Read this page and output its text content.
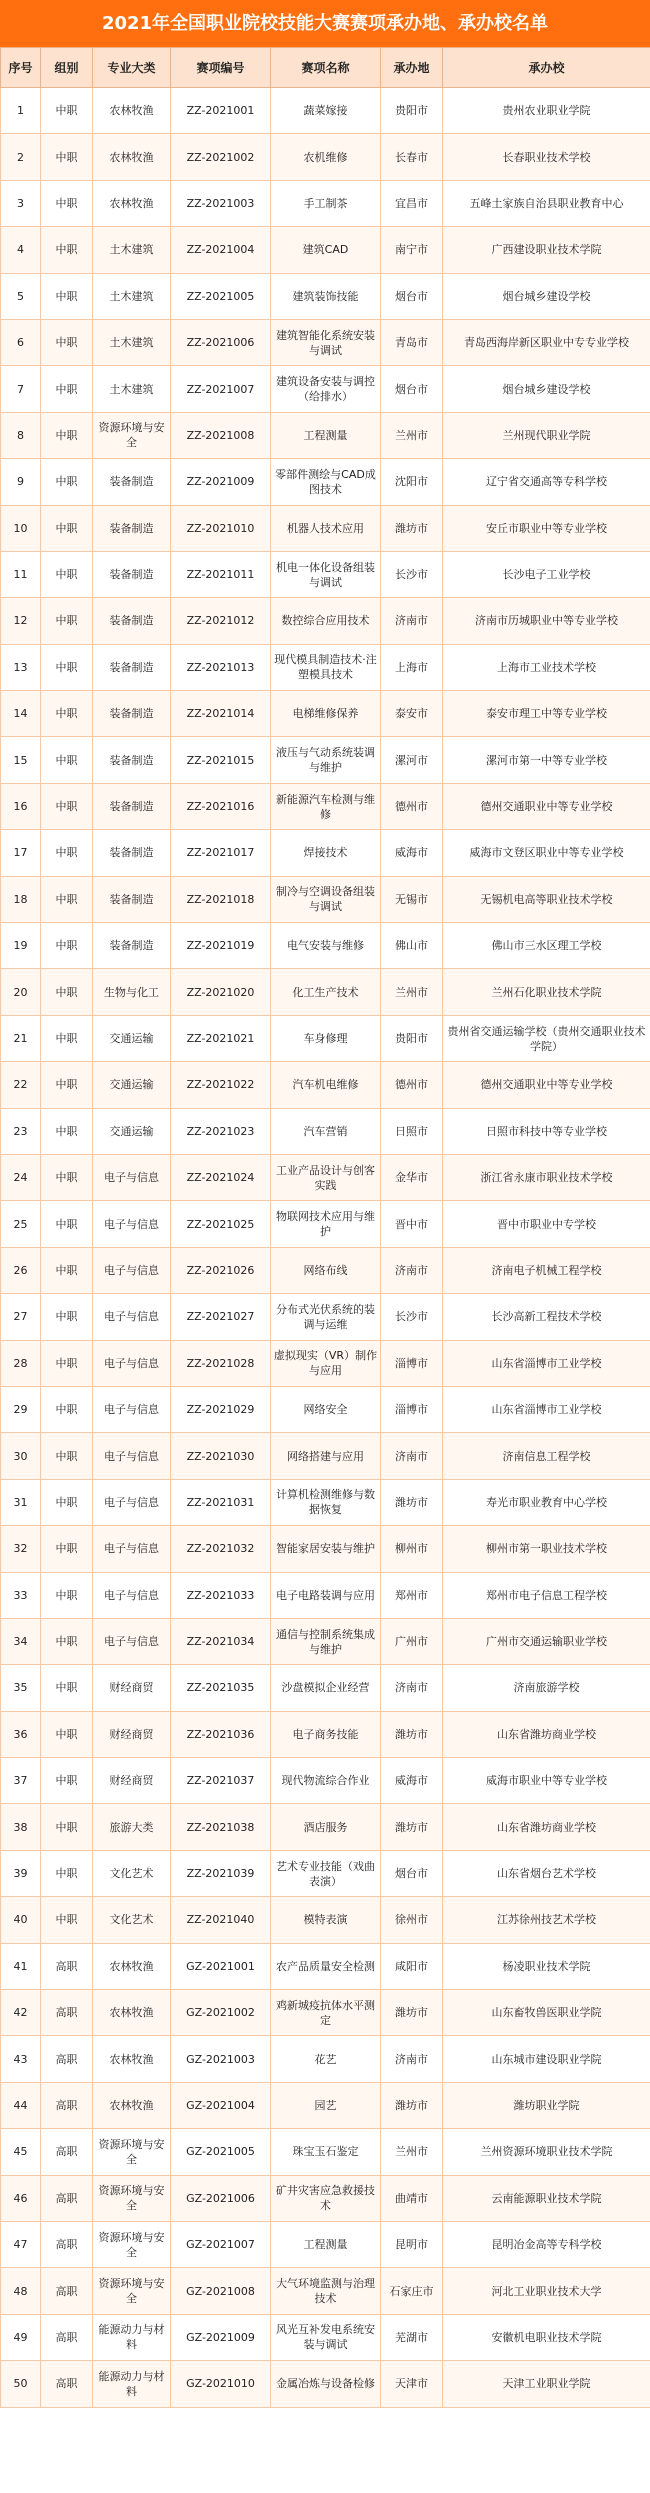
2021年全国职业院校技能大赛赛项承办地、承办校名单
序号	组别	专业大类	赛项编号	赛项名称	承办地	承办校
1	中职	农林牧渔	ZZ-2021001	蔬菜嫁接	贵阳市	贵州农业职业学院
2	中职	农林牧渔	ZZ-2021002	农机维修	长春市	长春职业技术学校
3	中职	农林牧渔	ZZ-2021003	手工制茶	宜昌市	五峰土家族自治县职业教育中心
4	中职	土木建筑	ZZ-2021004	建筑CAD	南宁市	广西建设职业技术学院
5	中职	土木建筑	ZZ-2021005	建筑装饰技能	烟台市	烟台城乡建设学校
6	中职	土木建筑	ZZ-2021006	建筑智能化系统安装与调试	青岛市	青岛西海岸新区职业中专专业学校
7	中职	土木建筑	ZZ-2021007	建筑设备安装与调控（给排水）	烟台市	烟台城乡建设学校
8	中职	资源环境与安全	ZZ-2021008	工程测量	兰州市	兰州现代职业学院
9	中职	装备制造	ZZ-2021009	零部件测绘与CAD成图技术	沈阳市	辽宁省交通高等专科学校
10	中职	装备制造	ZZ-2021010	机器人技术应用	潍坊市	安丘市职业中等专业学校
11	中职	装备制造	ZZ-2021011	机电一体化设备组装与调试	长沙市	长沙电子工业学校
12	中职	装备制造	ZZ-2021012	数控综合应用技术	济南市	济南市历城职业中等专业学校
13	中职	装备制造	ZZ-2021013	现代模具制造技术·注塑模具技术	上海市	上海市工业技术学校
14	中职	装备制造	ZZ-2021014	电梯维修保养	泰安市	泰安市理工中等专业学校
15	中职	装备制造	ZZ-2021015	液压与气动系统装调与维护	漯河市	漯河市第一中等专业学校
16	中职	装备制造	ZZ-2021016	新能源汽车检测与维修	德州市	德州交通职业中等专业学校
17	中职	装备制造	ZZ-2021017	焊接技术	威海市	威海市文登区职业中等专业学校
18	中职	装备制造	ZZ-2021018	制冷与空调设备组装与调试	无锡市	无锡机电高等职业技术学校
19	中职	装备制造	ZZ-2021019	电气安装与维修	佛山市	佛山市三水区理工学校
20	中职	生物与化工	ZZ-2021020	化工生产技术	兰州市	兰州石化职业技术学院
21	中职	交通运输	ZZ-2021021	车身修理	贵阳市	贵州省交通运输学校（贵州交通职业技术学院）
22	中职	交通运输	ZZ-2021022	汽车机电维修	德州市	德州交通职业中等专业学校
23	中职	交通运输	ZZ-2021023	汽车营销	日照市	日照市科技中等专业学校
24	中职	电子与信息	ZZ-2021024	工业产品设计与创客实践	金华市	浙江省永康市职业技术学校
25	中职	电子与信息	ZZ-2021025	物联网技术应用与维护	晋中市	晋中市职业中专学校
26	中职	电子与信息	ZZ-2021026	网络布线	济南市	济南电子机械工程学校
27	中职	电子与信息	ZZ-2021027	分布式光伏系统的装调与运维	长沙市	长沙高新工程技术学校
28	中职	电子与信息	ZZ-2021028	虚拟现实（VR）制作与应用	淄博市	山东省淄博市工业学校
29	中职	电子与信息	ZZ-2021029	网络安全	淄博市	山东省淄博市工业学校
30	中职	电子与信息	ZZ-2021030	网络搭建与应用	济南市	济南信息工程学校
31	中职	电子与信息	ZZ-2021031	计算机检测维修与数据恢复	潍坊市	寿光市职业教育中心学校
32	中职	电子与信息	ZZ-2021032	智能家居安装与维护	柳州市	柳州市第一职业技术学校
33	中职	电子与信息	ZZ-2021033	电子电路装调与应用	郑州市	郑州市电子信息工程学校
34	中职	电子与信息	ZZ-2021034	通信与控制系统集成与维护	广州市	广州市交通运输职业学校
35	中职	财经商贸	ZZ-2021035	沙盘模拟企业经营	济南市	济南旅游学校
36	中职	财经商贸	ZZ-2021036	电子商务技能	潍坊市	山东省潍坊商业学校
37	中职	财经商贸	ZZ-2021037	现代物流综合作业	威海市	威海市职业中等专业学校
38	中职	旅游大类	ZZ-2021038	酒店服务	潍坊市	山东省潍坊商业学校
39	中职	文化艺术	ZZ-2021039	艺术专业技能（戏曲表演）	烟台市	山东省烟台艺术学校
40	中职	文化艺术	ZZ-2021040	模特表演	徐州市	江苏徐州技艺术学校
41	高职	农林牧渔	GZ-2021001	农产品质量安全检测	咸阳市	杨凌职业技术学院
42	高职	农林牧渔	GZ-2021002	鸡新城疫抗体水平测定	潍坊市	山东畜牧兽医职业学院
43	高职	农林牧渔	GZ-2021003	花艺	济南市	山东城市建设职业学院
44	高职	农林牧渔	GZ-2021004	园艺	潍坊市	潍坊职业学院
45	高职	资源环境与安全	GZ-2021005	珠宝玉石鉴定	兰州市	兰州资源环境职业技术学院
46	高职	资源环境与安全	GZ-2021006	矿井灾害应急救援技术	曲靖市	云南能源职业技术学院
47	高职	资源环境与安全	GZ-2021007	工程测量	昆明市	昆明冶金高等专科学校
48	高职	资源环境与安全	GZ-2021008	大气环境监测与治理技术	石家庄市	河北工业职业技术大学
49	高职	能源动力与材料	GZ-2021009	风光互补发电系统安装与调试	芜湖市	安徽机电职业技术学院
50	高职	能源动力与材料	GZ-2021010	金属冶炼与设备检修	天津市	天津工业职业学院
